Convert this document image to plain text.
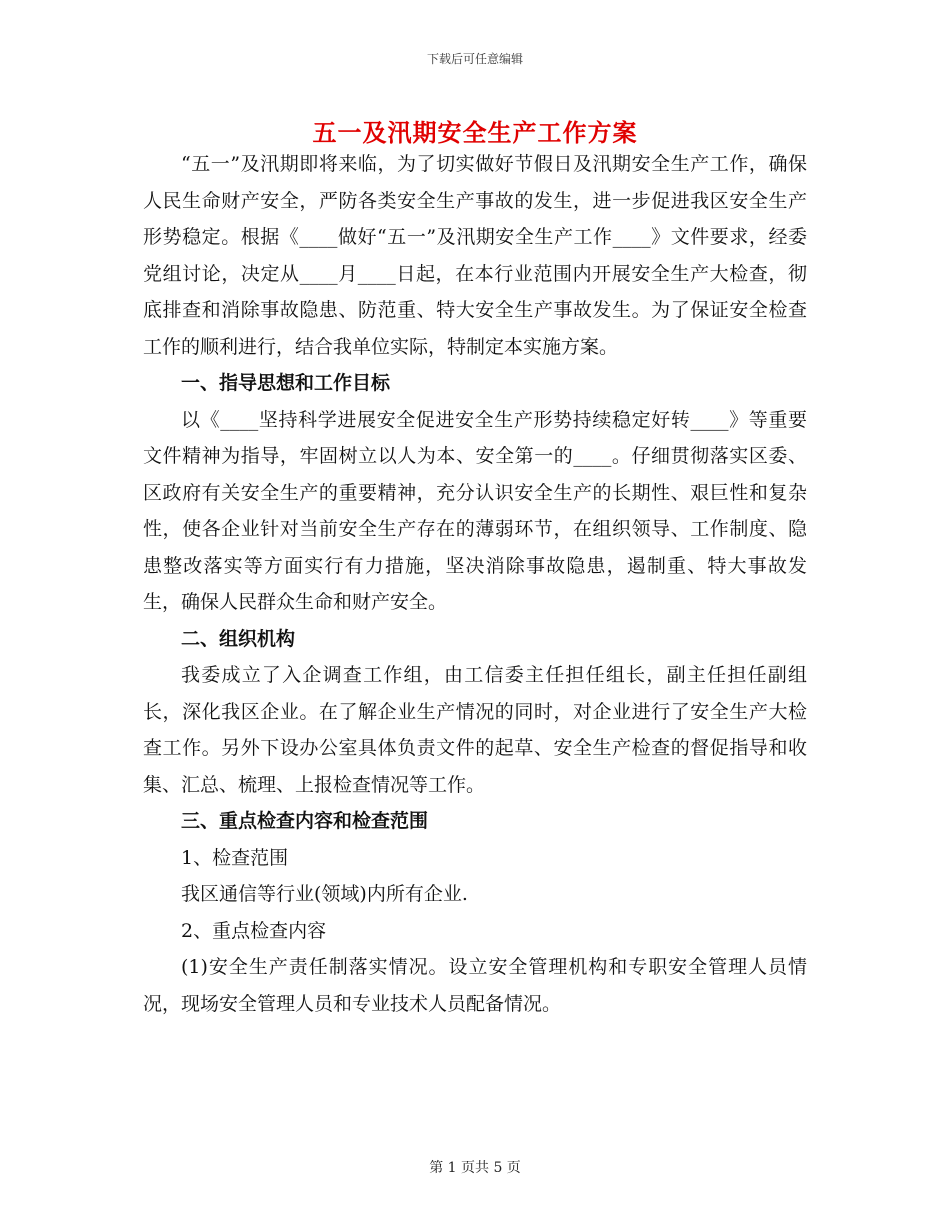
下载后可任意编辑
五一及汛期安全生产工作方案

“五一”及汛期即将来临，为了切实做好节假日及汛期安全生产工作，确保人民生命财产安全，严防各类安全生产事故的发生，进一步促进我区安全生产形势稳定。根据《____做好“五一”及汛期安全生产工作____》文件要求，经委党组讨论，决定从____月____日起，在本行业范围内开展安全生产大检查，彻底排查和消除事故隐患、防范重、特大安全生产事故发生。为了保证安全检查工作的顺利进行，结合我单位实际，特制定本实施方案。

一、指导思想和工作目标

以《____坚持科学进展安全促进安全生产形势持续稳定好转____》等重要文件精神为指导，牢固树立以人为本、安全第一的____。仔细贯彻落实区委、区政府有关安全生产的重要精神，充分认识安全生产的长期性、艰巨性和复杂性，使各企业针对当前安全生产存在的薄弱环节，在组织领导、工作制度、隐患整改落实等方面实行有力措施，坚决消除事故隐患，遏制重、特大事故发生，确保人民群众生命和财产安全。

二、组织机构

我委成立了入企调查工作组，由工信委主任担任组长，副主任担任副组长，深化我区企业。在了解企业生产情况的同时，对企业进行了安全生产大检查工作。另外下设办公室具体负责文件的起草、安全生产检查的督促指导和收集、汇总、梳理、上报检查情况等工作。

三、重点检查内容和检查范围

1、检查范围

我区通信等行业(领域)内所有企业.

2、重点检查内容

(1)安全生产责任制落实情况。设立安全管理机构和专职安全管理人员情况，现场安全管理人员和专业技术人员配备情况。

第 1 页共 5 页
